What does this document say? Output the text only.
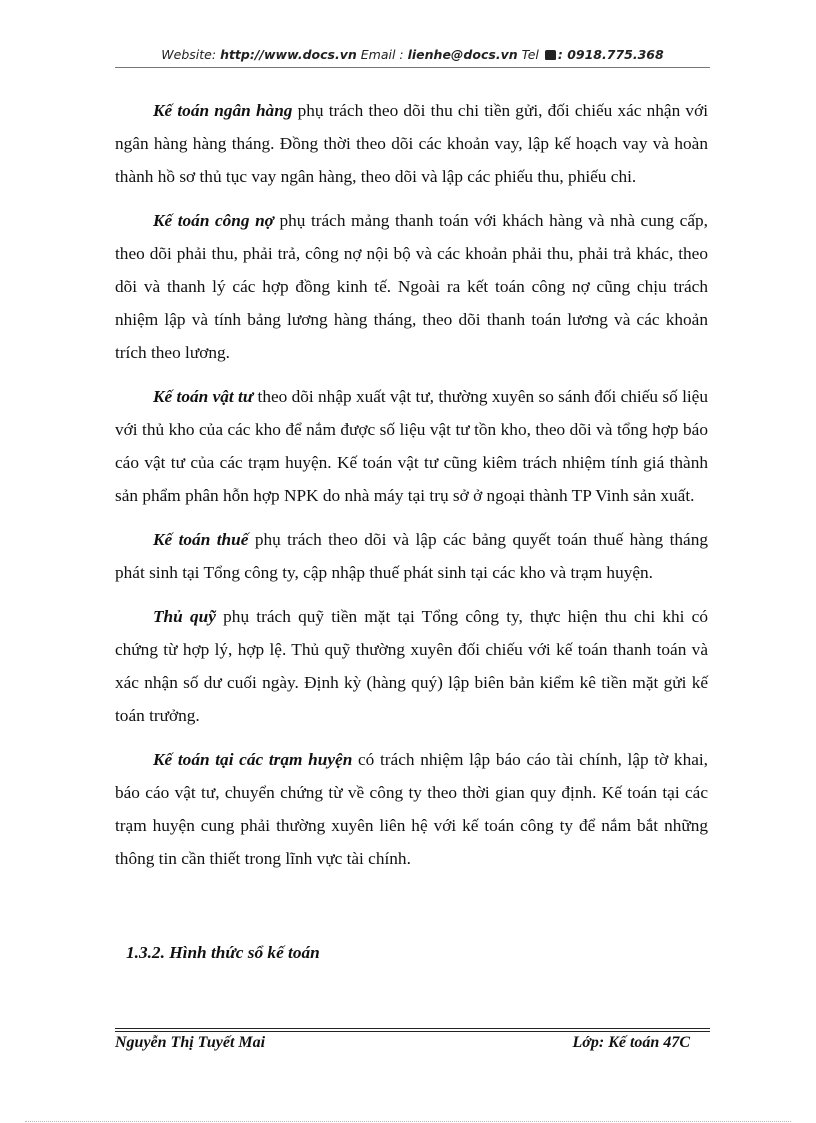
Website: http://www.docs.vn Email : lienhe@docs.vn Tel : 0918.775.368

Kế toán ngân hàng phụ trách theo dõi thu chi tiền gửi, đối chiếu xác nhận với ngân hàng hàng tháng. Đồng thời theo dõi các khoản vay, lập kế hoạch vay và hoàn thành hồ sơ thủ tục vay ngân hàng, theo dõi và lập các phiếu thu, phiếu chi.

Kế toán công nợ phụ trách mảng thanh toán với khách hàng và nhà cung cấp, theo dõi phải thu, phải trả, công nợ nội bộ và các khoản phải thu, phải trả khác, theo dõi và thanh lý các hợp đồng kinh tế. Ngoài ra kết toán công nợ cũng chịu trách nhiệm lập và tính bảng lương hàng tháng, theo dõi thanh toán lương và các khoản trích theo lương.

Kế toán vật tư theo dõi nhập xuất vật tư, thường xuyên so sánh đối chiếu số liệu với thủ kho của các kho để nắm được số liệu vật tư tồn kho, theo dõi và tổng hợp báo cáo vật tư của các trạm huyện. Kế toán vật tư cũng kiêm trách nhiệm tính giá thành sản phẩm phân hỗn hợp NPK do nhà máy tại trụ sở ở ngoại thành TP Vinh sản xuất.

Kế toán thuế phụ trách theo dõi và lập các bảng quyết toán thuế hàng tháng phát sinh tại Tổng công ty, cập nhập thuế phát sinh tại các kho và trạm huyện.

Thủ quỹ phụ trách quỹ tiền mặt tại Tổng công ty, thực hiện thu chi khi có chứng từ hợp lý, hợp lệ. Thủ quỹ thường xuyên đối chiếu với kế toán thanh toán và xác nhận số dư cuối ngày. Định kỳ (hàng quý) lập biên bản kiểm kê tiền mặt gửi kế toán trưởng.

Kế toán tại các trạm huyện có trách nhiệm lập báo cáo tài chính, lập tờ khai, báo cáo vật tư, chuyển chứng từ về công ty theo thời gian quy định. Kế toán tại các trạm huyện cung phải thường xuyên liên hệ với kế toán công ty để nắm bắt những thông tin cần thiết trong lĩnh vực tài chính.

1.3.2. Hình thức sổ kế toán
Nguyễn Thị Tuyết Mai	Lớp: Kế toán 47C
